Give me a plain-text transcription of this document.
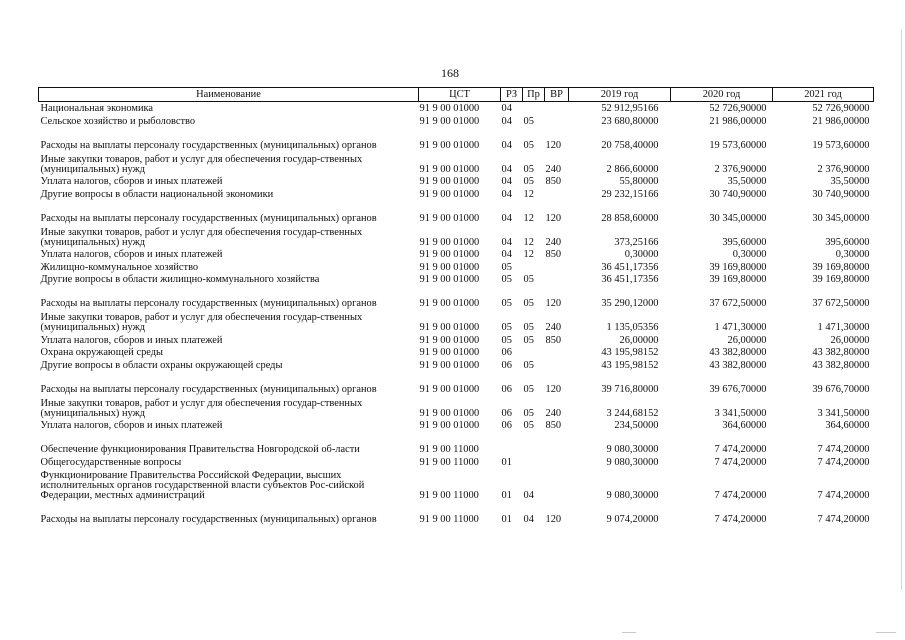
168
Наименование	ЦСТ	РЗ	Пр	ВР	2019 год	2020 год	2021 год
Национальная экономика	91 9 00 01000	04			52 912,95166	52 726,90000	52 726,90000
Сельское хозяйство и рыболовство	91 9 00 01000	04	05		23 680,80000	21 986,00000	21 986,00000
Расходы на выплаты персоналу государственных (муниципальных) органов	91 9 00 01000	04	05	120	20 758,40000	19 573,60000	19 573,60000
Иные закупки товаров, работ и услуг для обеспечения государ-ственных (муниципальных) нужд	91 9 00 01000	04	05	240	2 866,60000	2 376,90000	2 376,90000
Уплата налогов, сборов и иных платежей	91 9 00 01000	04	05	850	55,80000	35,50000	35,50000
Другие вопросы в области национальной экономики	91 9 00 01000	04	12		29 232,15166	30 740,90000	30 740,90000
Расходы на выплаты персоналу государственных (муниципальных) органов	91 9 00 01000	04	12	120	28 858,60000	30 345,00000	30 345,00000
Иные закупки товаров, работ и услуг для обеспечения государ-ственных (муниципальных) нужд	91 9 00 01000	04	12	240	373,25166	395,60000	395,60000
Уплата налогов, сборов и иных платежей	91 9 00 01000	04	12	850	0,30000	0,30000	0,30000
Жилищно-коммунальное хозяйство	91 9 00 01000	05			36 451,17356	39 169,80000	39 169,80000
Другие вопросы в области жилищно-коммунального хозяйства	91 9 00 01000	05	05		36 451,17356	39 169,80000	39 169,80000
Расходы на выплаты персоналу государственных (муниципальных) органов	91 9 00 01000	05	05	120	35 290,12000	37 672,50000	37 672,50000
Иные закупки товаров, работ и услуг для обеспечения государ-ственных (муниципальных) нужд	91 9 00 01000	05	05	240	1 135,05356	1 471,30000	1 471,30000
Уплата налогов, сборов и иных платежей	91 9 00 01000	05	05	850	26,00000	26,00000	26,00000
Охрана окружающей среды	91 9 00 01000	06			43 195,98152	43 382,80000	43 382,80000
Другие вопросы в области охраны окружающей среды	91 9 00 01000	06	05		43 195,98152	43 382,80000	43 382,80000
Расходы на выплаты персоналу государственных (муниципальных) органов	91 9 00 01000	06	05	120	39 716,80000	39 676,70000	39 676,70000
Иные закупки товаров, работ и услуг для обеспечения государ-ственных (муниципальных) нужд	91 9 00 01000	06	05	240	3 244,68152	3 341,50000	3 341,50000
Уплата налогов, сборов и иных платежей	91 9 00 01000	06	05	850	234,50000	364,60000	364,60000
Обеспечение функционирования Правительства Новгородской об-ласти	91 9 00 11000				9 080,30000	7 474,20000	7 474,20000
Общегосударственные вопросы	91 9 00 11000	01			9 080,30000	7 474,20000	7 474,20000
Функционирование Правительства Российской Федерации, высших исполнительных органов государственной власти субъектов Рос-сийской Федерации, местных администраций	91 9 00 11000	01	04		9 080,30000	7 474,20000	7 474,20000
Расходы на выплаты персоналу государственных (муниципальных) органов	91 9 00 11000	01	04	120	9 074,20000	7 474,20000	7 474,20000
